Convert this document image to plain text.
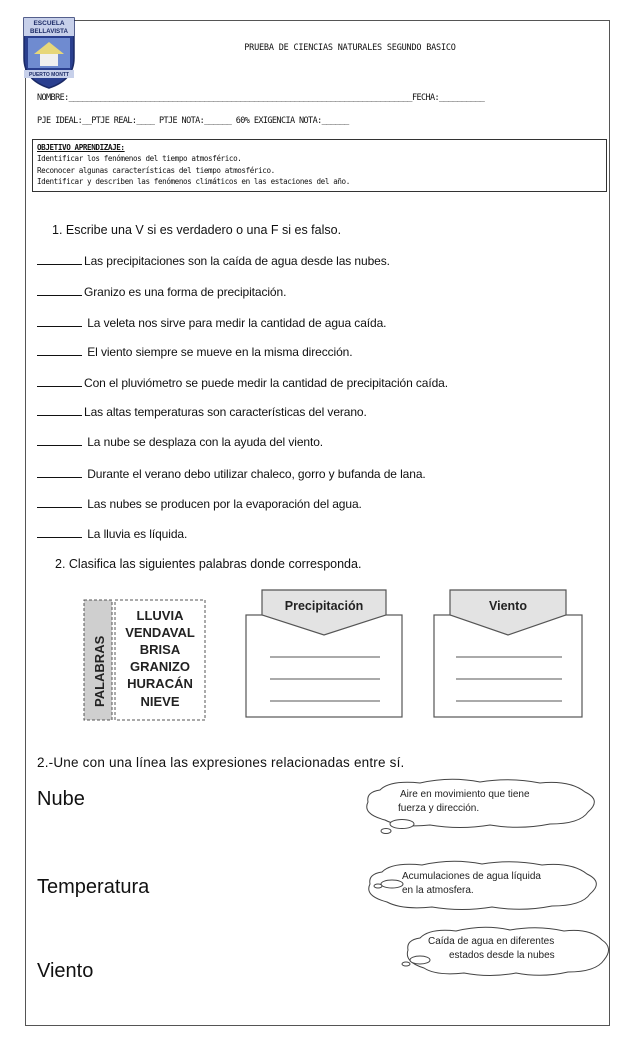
ESCUELA
BELLAVISTA
PUERTO MONTT
PRUEBA DE CIENCIAS NATURALES SEGUNDO BASICO
NOMBRE:____________________________________________________________________________FECHA:__________
PJE IDEAL:__PTJE REAL:____ PTJE NOTA:______ 60% EXIGENCIA NOTA:______
OBJETIVO APRENDIZAJE:
Identificar los fenómenos del tiempo atmosférico.
Reconocer algunas características del tiempo atmosférico.
Identificar y describen las fenómenos climáticos en las estaciones del año.
1. Escribe una V si es verdadero o una F si es falso.
Las precipitaciones son la caída de agua desde las nubes.
Granizo es una forma de precipitación.
La veleta nos sirve para medir la cantidad de agua caída.
El viento siempre se mueve en la misma dirección.
Con el pluviómetro se puede medir la cantidad de precipitación caída.
Las altas temperaturas son características del verano.
La nube se desplaza con la ayuda del viento.
Durante el verano debo utilizar chaleco, gorro y bufanda de lana.
Las nubes se producen por la evaporación del agua.
La lluvia es líquida.
2. Clasifica las siguientes palabras donde corresponda.
PALABRAS
LLUVIA
VENDAVAL
BRISA
GRANIZO
HURACÁN
NIEVE
Precipitación	Viento
2.-Une con una línea las expresiones relacionadas entre sí.
Nube
Temperatura
Viento
Aire en movimiento que tiene
fuerza y dirección.
Acumulaciones de agua líquida
en la atmosfera.
Caída de agua en diferentes
estados desde la nubes
